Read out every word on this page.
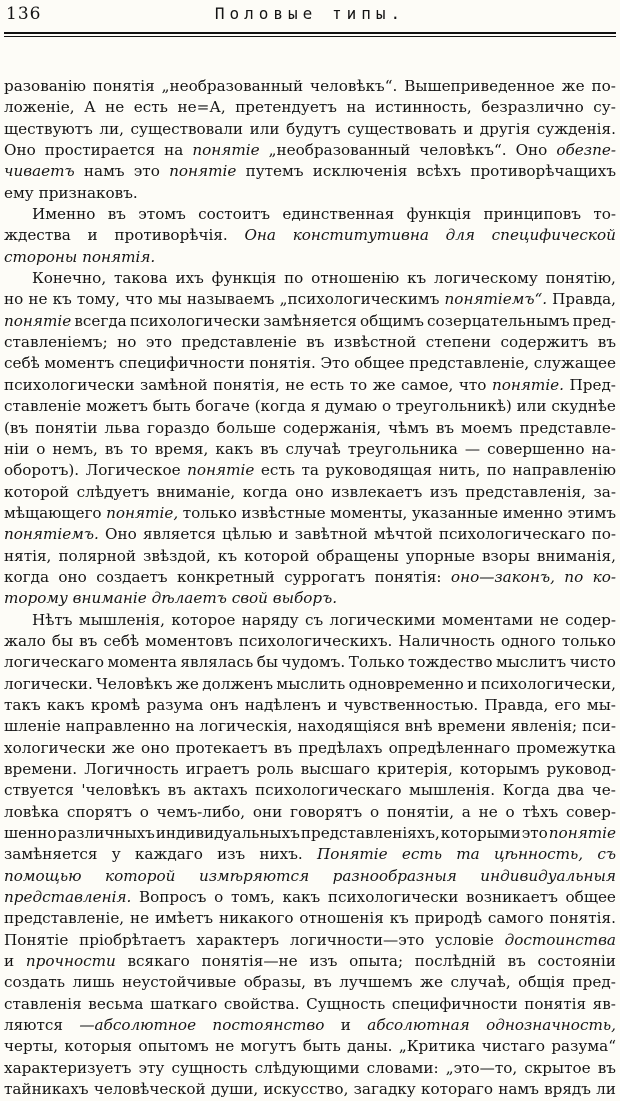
136	Половые типы.
разованію понятія „необразованный человѣкъ“. Вышеприведенное же по-
ложеніе, А не есть не=А, претендуетъ на истинность, безразлично су-
ществуютъ ли, существовали или будутъ существовать и другія сужденія.
Оно простирается на понятіе „необразованный человѣкъ“. Оно обезпе-
чиваетъ намъ это понятіе путемъ исключенія всѣхъ противорѣчащихъ
ему признаковъ.
Именно въ этомъ состоитъ единственная функція принциповъ то-
ждества и противорѣчія. Она конститутивна для специфической
стороны понятія.
Конечно, такова ихъ функція по отношенію къ логическому понятію,
но не къ тому, что мы называемъ „психологическимъ понятіемъ“. Правда,
понятіе всегда психологически замѣняется общимъ созерцательнымъ пред-
ставленіемъ; но это представленіе въ извѣстной степени содержитъ въ
себѣ моментъ специфичности понятія. Это общее представленіе, служащее
психологически замѣной понятія, не есть то же самое, что понятіе. Пред-
ставленіе можетъ быть богаче (когда я думаю о треугольникѣ) или скуднѣе
(въ понятіи льва гораздо больше содержанія, чѣмъ въ моемъ представле-
ніи о немъ, въ то время, какъ въ случаѣ треугольника — совершенно на-
оборотъ). Логическое понятіе есть та руководящая нить, по направленію
которой слѣдуетъ вниманіе, когда оно извлекаетъ изъ представленія, за-
мѣщающего понятіе, только извѣстные моменты, указанные именно этимъ
понятіемъ. Оно является цѣлью и завѣтной мѣчтой психологическаго по-
нятія, полярной звѣздой, къ которой обращены упорные взоры вниманія,
когда оно создаетъ конкретный суррогатъ понятія: оно—законъ, по ко-
торому вниманіе дѣлаетъ свой выборъ.
Нѣтъ мышленія, которое наряду съ логическими моментами не содер-
жало бы въ себѣ моментовъ психологическихъ. Наличность одного только
логическаго момента являлась бы чудомъ. Только тождество мыслитъ чисто
логически. Человѣкъ же долженъ мыслить одновременно и психологически,
такъ какъ кромѣ разума онъ надѣленъ и чувственностью. Правда, его мы-
шленіе направленно на логическія, находящіяся внѣ времени явленія; пси-
хологически же оно протекаетъ въ предѣлахъ опредѣленнаго промежутка
времени. Логичность играетъ роль высшаго критерія, которымъ руковод-
ствуется 'человѣкъ въ актахъ психологическаго мышленія. Когда два че-
ловѣка спорятъ о чемъ-либо, они говорятъ о понятіи, а не о тѣхъ совер-
шенно различныхъ индивидуальныхъ представленіяхъ, которыми это понятіе
замѣняется у каждаго изъ нихъ. Понятіе есть та цѣнность, съ
помощью которой измѣряются разнообразныя индивидуальныя
представленія. Вопросъ о томъ, какъ психологически возникаетъ общее
представленіе, не имѣетъ никакого отношенія къ природѣ самого понятія.
Понятіе пріобрѣтаетъ характеръ логичности—это условіе достоинства
и прочности всякаго понятія—не изъ опыта; послѣдній въ состояніи
создать лишь неустойчивые образы, въ лучшемъ же случаѣ, общія пред-
ставленія весьма шаткаго свойства. Сущность специфичности понятія яв-
ляются —абсолютное постоянство и абсолютная однозначность,
черты, которыя опытомъ не могутъ быть даны. „Критика чистаго разума“
характеризуетъ эту сущность слѣдующими словами: „это—то, скрытое въ
тайникахъ человѣческой души, искусство, загадку котораго намъ врядъ ли
